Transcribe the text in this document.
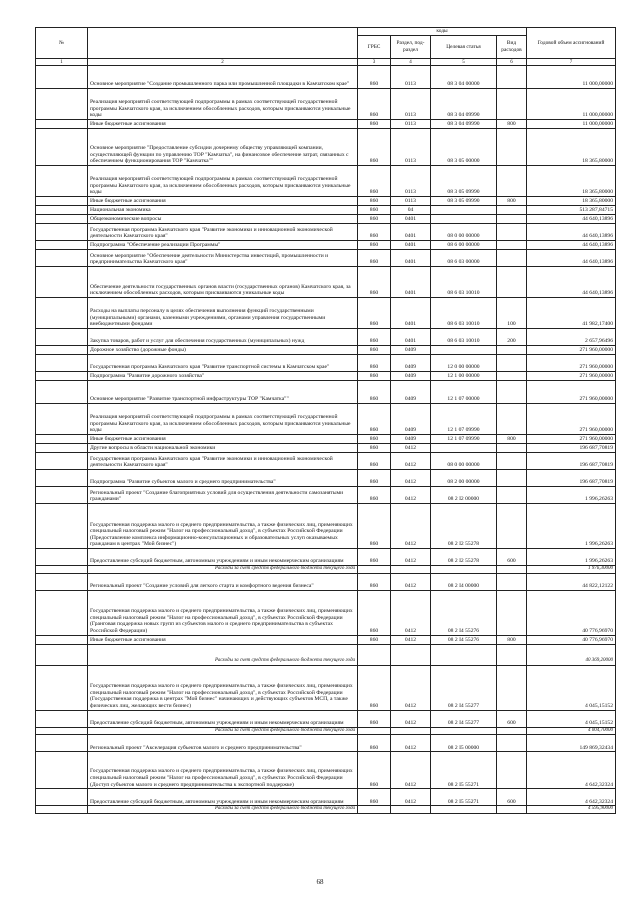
№		коды				Годовой объем ассигнований
		ГРБС	Раздел, под-раздел	Целевая статья	Вид расходов	
1	2	3	4	5	6	7
	Основное мероприятие "Создание промышленного парка или промышленной площадки в Камчатском крае"	860	0113	08 3 04 00000		11 000,00000
	Реализация мероприятий соответствующей подпрограммы в рамках соответствующей государственной программы Камчатского края, за исключением обособленных расходов, которым присваиваются уникальные коды	860	0113	08 3 04 09990		11 000,00000
	Иные бюджетные ассигнования	860	0113	08 3 04 09990	800	11 000,00000
	Основное мероприятие "Предоставление субсидии дочернему обществу управляющей компании, осуществляющей функции по управлению ТОР "Камчатка", на финансовое обеспечение затрат, связанных с обеспечением функционирования ТОР "Камчатка""	860	0113	08 3 05 00000		18 365,80000
	Реализация мероприятий соответствующей подпрограммы в рамках соответствующей государственной программы Камчатского края, за исключением обособленных расходов, которым присваиваются уникальные коды	860	0113	08 3 05 09990		18 365,80000
	Иные бюджетные ассигнования	860	0113	08 3 05 09990	800	18 365,80000
	Национальная экономика	860	04			513 287,84715
	Общеэкономические вопросы	860	0401			44 640,13896
	Государственная программа Камчатского края "Развитие экономики и инновационной экономической деятельности Камчатского края"	860	0401	08 0 00 00000		44 640,13896
	Подпрограмма "Обеспечение реализации Программы"	860	0401	08 6 00 00000		44 640,13896
	Основное мероприятие "Обеспечение деятельности Министерства инвестиций, промышленности и предпринимательства Камчатского края"	860	0401	08 6 03 00000		44 640,13896
	Обеспечение деятельности государственных органов власти (государственных органов) Камчатского края, за исключением обособленных расходов, которым присваиваются уникальные коды	860	0401	08 6 03 10010		44 640,13896
	Расходы на выплаты персоналу в целях обеспечения выполнения функций государственными (муниципальными) органами, казенными учреждениями, органами управления государственными внебюджетными фондами	860	0401	08 6 03 10010	100	41 982,17400
	Закупка товаров, работ и услуг для обеспечения государственных (муниципальных) нужд	860	0401	08 6 03 10010	200	2 657,96496
	Дорожное хозяйство (дорожные фонды)	860	0409			271 960,00000
	Государственная программа Камчатского края "Развитие транспортной системы в Камчатском крае"	860	0409	12 0 00 00000		271 960,00000
	Подпрограмма "Развитие дорожного хозяйства"	860	0409	12 1 00 00000		271 960,00000
	Основное мероприятие "Развитие транспортной инфраструктуры ТОР "Камчатка""	860	0409	12 1 07 00000		271 960,00000
	Реализация мероприятий соответствующей подпрограммы в рамках соответствующей государственной программы Камчатского края, за исключением обособленных расходов, которым присваиваются уникальные коды	860	0409	12 1 07 09990		271 960,00000
	Иные бюджетные ассигнования	860	0409	12 1 07 09990	800	271 960,00000
	Другие вопросы в области национальной экономики	860	0412			196 687,70819
	Государственная программа Камчатского края "Развитие экономики и инновационной экономической деятельности Камчатского края"	860	0412	08 0 00 00000		196 687,70819
	Подпрограмма "Развитие субъектов малого и среднего предпринимательства"	860	0412	08 2 00 00000		196 687,70819
	Региональный проект "Создание благоприятных условий для осуществления деятельности самозанятыми гражданами"	860	0412	08 2 I2 00000		1 996,26263
	Государственная поддержка малого и среднего предпринимательства, а также физических лиц, применяющих специальный налоговый режим "Налог на профессиональный доход", в субъектах Российской Федерации (Предоставление комплекса информационно-консультационных и образовательных услуп оказываемых гражданам в центрах "Мой бизнес")	860	0412	08 2 I2 55278		1 996,26263
	Предоставление субсидий бюджетным, автономным учреждениям и иным некоммерческим организациям	860	0412	08 2 I2 55278	600	1 996,26263
	Расходы за счет средств федерального бюджета текущего года					1 976,30000
	Региональный проект "Создание условий для легкого старта и комфортного ведения бизнеса"	860	0412	08 2 I4 00000		44 822,12122
	Государственная поддержка малого и среднего предпринимательства, а также физических лиц, применяющих специальный налоговый режим "Налог на профессиональный доход", в субъектах Российской Федерации (Гранговая поддержка новых групп из субъектов малого и среднего предпринимательства в субъектах Российской Федерации)	860	0412	08 2 I4 55276		40 776,96970
	Иные бюджетные ассигнования	860	0412	08 2 I4 55276	800	40 776,96970
	Расходы за счет средств федерального бюджета текущего года					40 369,20000
	Государственная поддержка малого и среднего предпринимательства, а также физических лиц, применяющих специальный налоговый режим "Налог на профессиональный доход", в субъектах Российской Федерации (Государственная поддержка в центрах "Мой бизнес" начинающих и действующих субъектов МСП, а также физических лиц, желающих вести бизнес)	860	0412	08 2 I4 55277		4 045,15152
	Предоставление субсидий бюджетным, автономным учреждениям и иным некоммерческим организациям	860	0412	08 2 I4 55277	600	4 045,15152
	Расходы за счет средств федерального бюджета текущего года					4 004,70000
	Региональный проект "Акселерация субъектов малого и среднего предпринимательства"	860	0412	08 2 I5 00000		149 869,32434
	Государственная поддержка малого и среднего предпринимательства, а также физических лиц, применяющих специальный налоговый режим "Налог на профессиональный доход", в субъектах Российской Федерации (Доступ субъектов малого и среднего предпринимательства к экспортной поддержке)	860	0412	08 2 I5 55271		4 642,32324
	Предоставление субсидий бюджетным, автономным учреждениям и иным некоммерческим организациям	860	0412	08 2 I5 55271	600	4 642,32324
	Расходы за счет средств федерального бюджета текущего года					4 595,90000
68
